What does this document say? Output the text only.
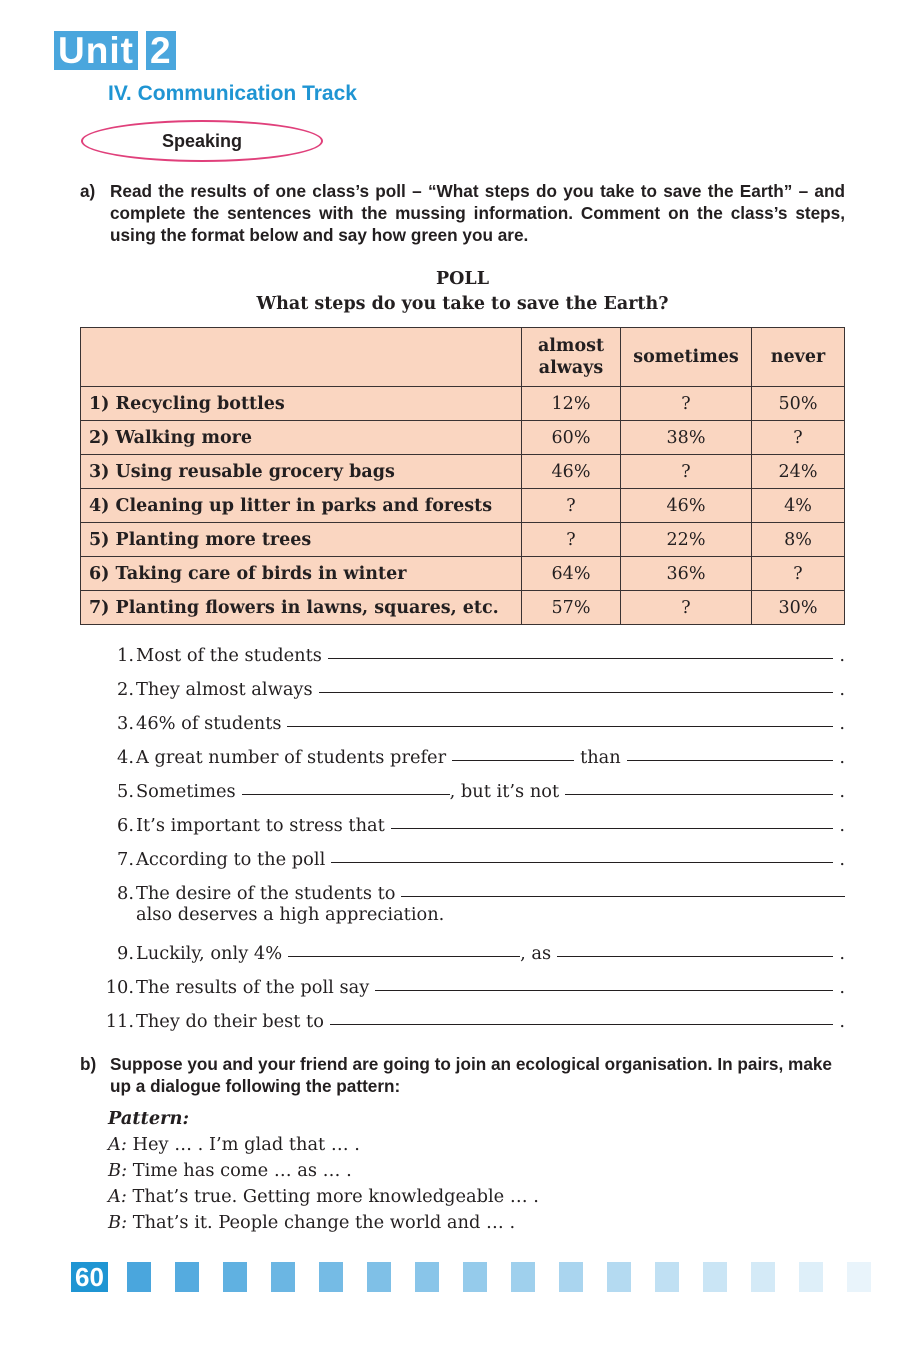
Unit 2
IV. Communication Track
Speaking
a) Read the results of one class’s poll – “What steps do you take to save the Earth” – and complete the sentences with the mussing information. Comment on the class’s steps, using the format below and say how green you are.
POLL
What steps do you take to save the Earth?
	almost always	sometimes	never
1) Recycling bottles	12%	?	50%
2) Walking more	60%	38%	?
3) Using reusable grocery bags	46%	?	24%
4) Cleaning up litter in parks and forests	?	46%	4%
5) Planting more trees	?	22%	8%
6) Taking care of birds in winter	64%	36%	?
7) Planting flowers in lawns, squares, etc.	57%	?	30%
1. Most of the students	.
2. They almost always	.
3. 46% of students	.
4. A great number of students prefer	than	.
5. Sometimes	, but it’s not	.
6. It’s important to stress that	.
7. According to the poll	.
8. The desire of the students to
also deserves a high appreciation.
9. Luckily, only 4%	, as	.
10. The results of the poll say	.
11. They do their best to	.
b) Suppose you and your friend are going to join an ecological organisation. In pairs, make up a dialogue following the pattern:
Pattern:
A: Hey … . I’m glad that … .
B: Time has come … as … .
A: That’s true. Getting more knowledgeable … .
B: That’s it. People change the world and … .
60
